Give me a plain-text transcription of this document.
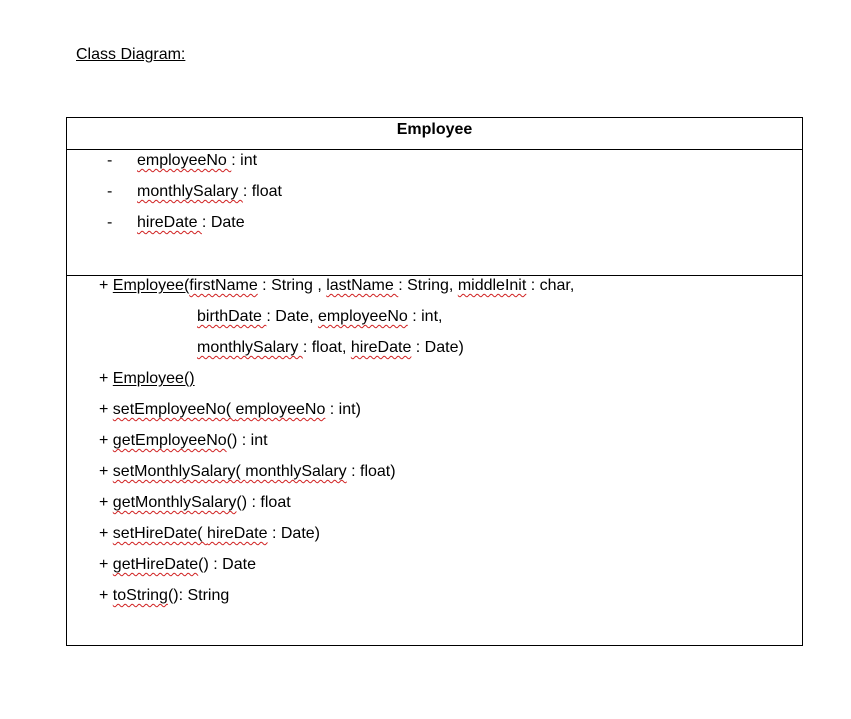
Class Diagram:
Employee
- employeeNo : int
- monthlySalary : float
- hireDate : Date
+ Employee(firstName : String , lastName : String, middleInit : char,
birthDate : Date, employeeNo : int,
monthlySalary : float, hireDate : Date)
+ Employee()
+ setEmployeeNo( employeeNo : int)
+ getEmployeeNo() : int
+ setMonthlySalary( monthlySalary : float)
+ getMonthlySalary() : float
+ setHireDate( hireDate : Date)
+ getHireDate() : Date
+ toString(): String
